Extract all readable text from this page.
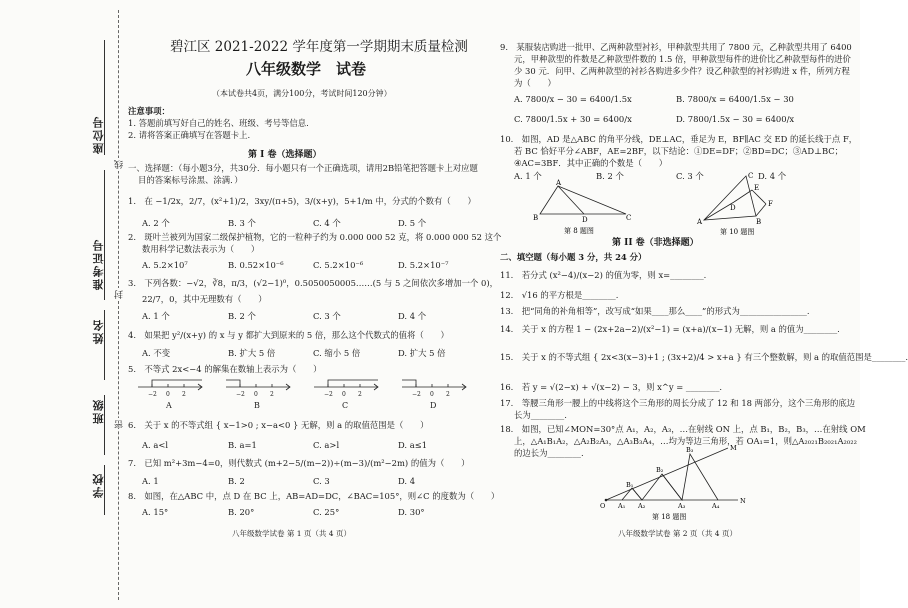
座位号
准考证号
姓名
班级
学校
线
封
密
碧江区 2021-2022 学年度第一学期期末质量检测
八年级数学　试卷
（本试卷共4页，满分100分，考试时间120分钟）
注意事项：
1. 答题前填写好自己的姓名、班级、考号等信息.
2. 请将答案正确填写在答题卡上.
第 I 卷（选择题）
一、选择题：（每小题3分，共30分．每小题只有一个正确选项，请用2B铅笔把答题卡上对应题
目的答案标号涂黑、涂满．）
1.　在 −1/2x，2/7，(x²+1)/2，3xy/(π+5)，3/(x+y)，5+1/m 中，分式的个数有（　　）
A. 2 个	B. 3 个	C. 4 个	D. 5 个
2.　斑叶兰被列为国家二级保护植物，它的一粒种子约为 0.000 000 52 克，将 0.000 000 52 这个
数用科学记数法表示为（　　）
A. 5.2×10⁷	B. 0.52×10⁻⁶	C. 5.2×10⁻⁶	D. 5.2×10⁻⁷
3.　下列各数：−√2，∛8，π/3，(√2−1)⁰，0.5050050005……(5 与 5 之间依次多增加一个 0)，
22/7，0，其中无理数有（　　）
A. 1 个	B. 2 个	C. 3 个	D. 4 个
4.　如果把 y²/(x+y) 的 x 与 y 都扩大到原来的 5 倍，那么这个代数式的值将（　　）
A. 不变	B. 扩大 5 倍	C. 缩小 5 倍	D. 扩大 5 倍
5.　不等式 2x<−4 的解集在数轴上表示为（　　）
−2 0 2	−2 0 2	−2 0 2	−2 0 2
A	B	C	D
6.　关于 x 的不等式组 { x−1>0 ; x−a<0 } 无解，则 a 的取值范围是（　　）
A. a<l	B. a=1	C. a>l	D. a≤1
7.　已知 m²+3m−4=0，则代数式 (m+2−5/(m−2))÷(m−3)/(m²−2m) 的值为（　　）
A. 1	B. 2	C. 3	D. 4
8.　如图，在△ABC 中，点 D 在 BC 上，AB=AD=DC，∠BAC=105°，则∠C 的度数为（　　）
A. 15°	B. 20°	C. 25°	D. 30°
八年级数学试卷 第 1 页（共 4 页）
9.　某服装店购进一批甲、乙两种款型衬衫，甲种款型共用了 7800 元，乙种款型共用了 6400
元，甲种款型的件数是乙种款型件数的 1.5 倍，甲种款型每件的进价比乙种款型每件的进价
少 30 元．问甲、乙两种款型的衬衫各购进多少件？设乙种款型的衬衫购进 x 件，所列方程
为（　　）
A. 7800/x − 30 = 6400/1.5x	B. 7800/x = 6400/1.5x − 30
C. 7800/1.5x + 30 = 6400/x	D. 7800/1.5x − 30 = 6400/x
10.　如图，AD 是△ABC 的角平分线，DE⊥AC，垂足为 E，BF∥AC 交 ED 的延长线于点 F，
若 BC 恰好平分∠ABF，AE=2BF，以下结论：①DE=DF；②BD=DC；③AD⊥BC；
④AC=3BF．其中正确的个数是（　　）
A. 1 个	B. 2 个	C. 3 个	D. 4 个
A
B	D	C
第 8 题图
C
E
F
A
D
B
第 10 题图
第 II 卷（非选择题）
二、填空题（每小题 3 分，共 24 分）
11.　若分式 (x²−4)/(x−2) 的值为零，则 x=________.
12.　√16 的平方根是________.
13.　把“同角的补角相等”，改写成“如果____那么____”的形式为________________.
14.　关于 x 的方程 1 − (2x+2a−2)/(x²−1) = (x+a)/(x−1) 无解，则 a 的值为________.
15.　关于 x 的不等式组 { 2x<3(x−3)+1 ; (3x+2)/4 > x+a } 有三个整数解，则 a 的取值范围是________.
16.　若 y = √(2−x) + √(x−2) − 3，则 x^y = ________.
17.　等腰三角形一腰上的中线将这个三角形的周长分成了 12 和 18 两部分，这个三角形的底边
长为________.
18.　如图，已知∠MON=30°点 A₁，A₂，A₃，…在射线 ON 上，点 B₁，B₂，B₃，…在射线 OM
上，△A₁B₁A₂，△A₂B₂A₃，△A₃B₃A₄，…均为等边三角形，若 OA₁=1，则△A₂₀₂₁B₂₀₂₁A₂₀₂₂
的边长为________.
O A₁ A₂	A₃	A₄
B₁
B₂
B₃	M
N
第 18 题图
八年级数学试卷 第 2 页（共 4 页）
